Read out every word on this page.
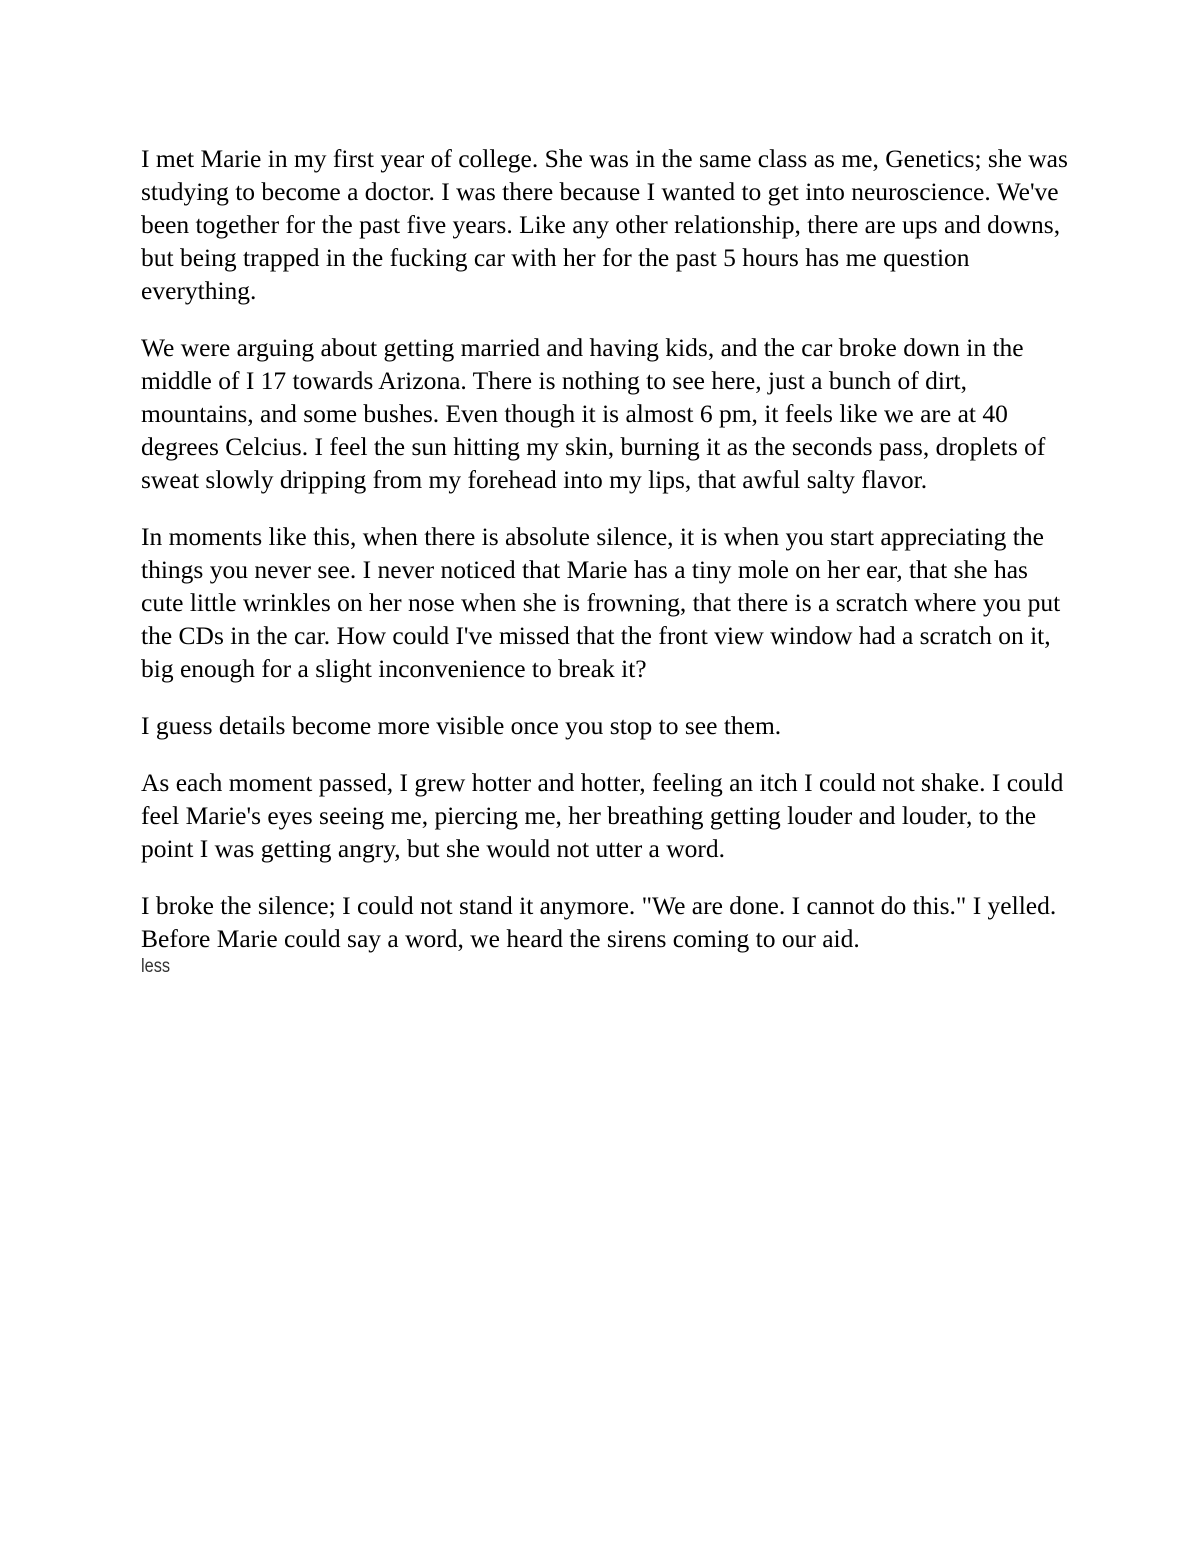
I met Marie in my first year of college. She was in the same class as me, Genetics; she was studying to become a doctor. I was there because I wanted to get into neuroscience. We've been together for the past five years. Like any other relationship, there are ups and downs, but being trapped in the fucking car with her for the past 5 hours has me question everything.

We were arguing about getting married and having kids, and the car broke down in the middle of I 17 towards Arizona. There is nothing to see here, just a bunch of dirt, mountains, and some bushes. Even though it is almost 6 pm, it feels like we are at 40 degrees Celcius. I feel the sun hitting my skin, burning it as the seconds pass, droplets of sweat slowly dripping from my forehead into my lips, that awful salty flavor.

In moments like this, when there is absolute silence, it is when you start appreciating the things you never see. I never noticed that Marie has a tiny mole on her ear, that she has cute little wrinkles on her nose when she is frowning, that there is a scratch where you put the CDs in the car. How could I've missed that the front view window had a scratch on it, big enough for a slight inconvenience to break it?

I guess details become more visible once you stop to see them.

As each moment passed, I grew hotter and hotter, feeling an itch I could not shake. I could feel Marie's eyes seeing me, piercing me, her breathing getting louder and louder, to the point I was getting angry, but she would not utter a word.

I broke the silence; I could not stand it anymore. "We are done. I cannot do this." I yelled. Before Marie could say a word, we heard the sirens coming to our aid.

less
